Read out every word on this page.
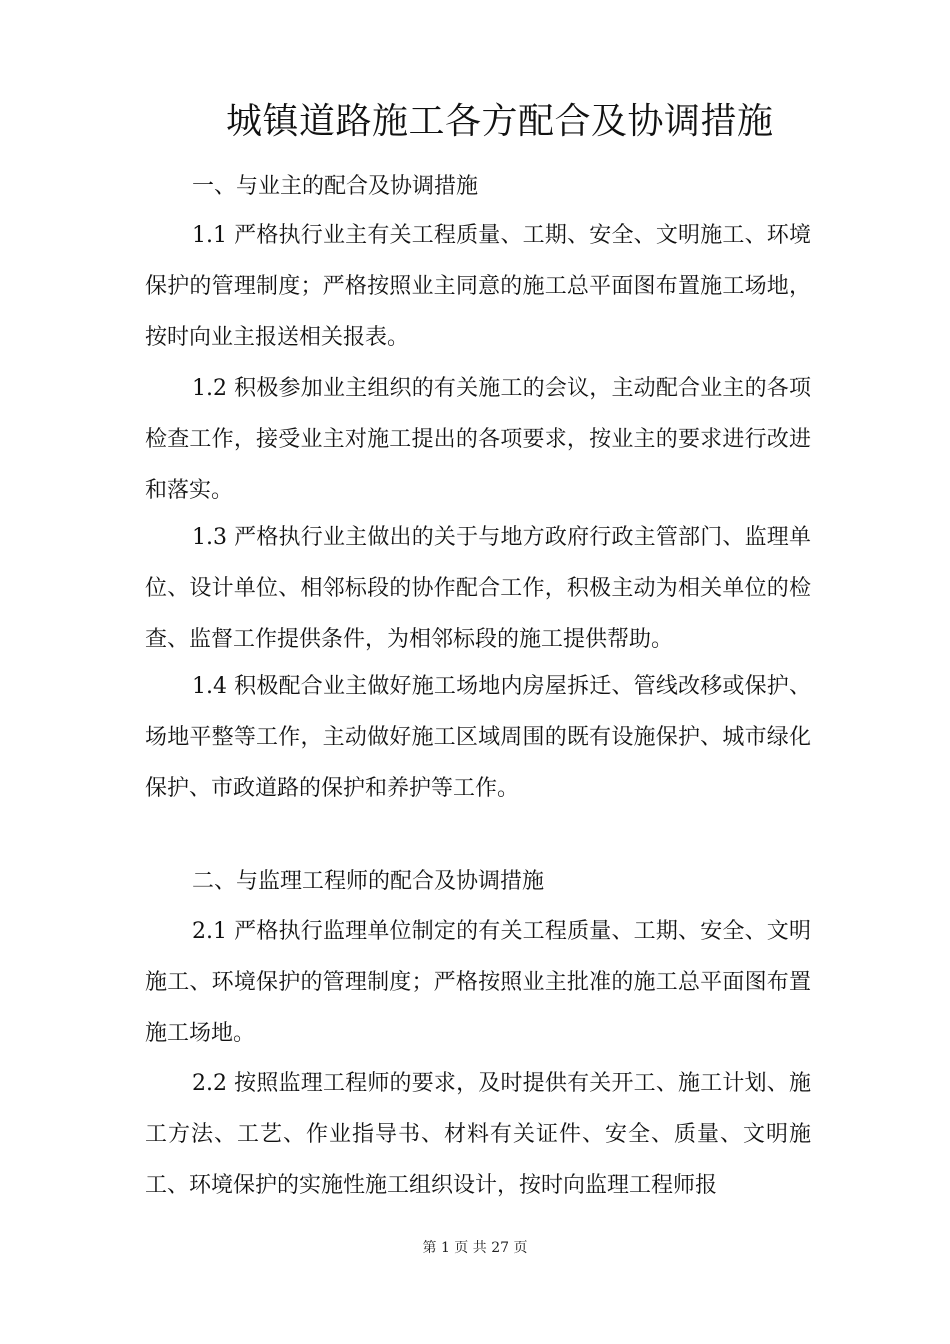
城镇道路施工各方配合及协调措施
一、与业主的配合及协调措施

1.1 严格执行业主有关工程质量、工期、安全、文明施工、环境保护的管理制度；严格按照业主同意的施工总平面图布置施工场地，按时向业主报送相关报表。

1.2 积极参加业主组织的有关施工的会议，主动配合业主的各项检查工作，接受业主对施工提出的各项要求，按业主的要求进行改进和落实。

1.3 严格执行业主做出的关于与地方政府行政主管部门、监理单位、设计单位、相邻标段的协作配合工作，积极主动为相关单位的检查、监督工作提供条件，为相邻标段的施工提供帮助。

1.4 积极配合业主做好施工场地内房屋拆迁、管线改移或保护、场地平整等工作，主动做好施工区域周围的既有设施保护、城市绿化保护、市政道路的保护和养护等工作。

二、与监理工程师的配合及协调措施

2.1 严格执行监理单位制定的有关工程质量、工期、安全、文明施工、环境保护的管理制度；严格按照业主批准的施工总平面图布置施工场地。

2.2 按照监理工程师的要求，及时提供有关开工、施工计划、施工方法、工艺、作业指导书、材料有关证件、安全、质量、文明施工、环境保护的实施性施工组织设计，按时向监理工程师报

第 1 页 共 27 页
